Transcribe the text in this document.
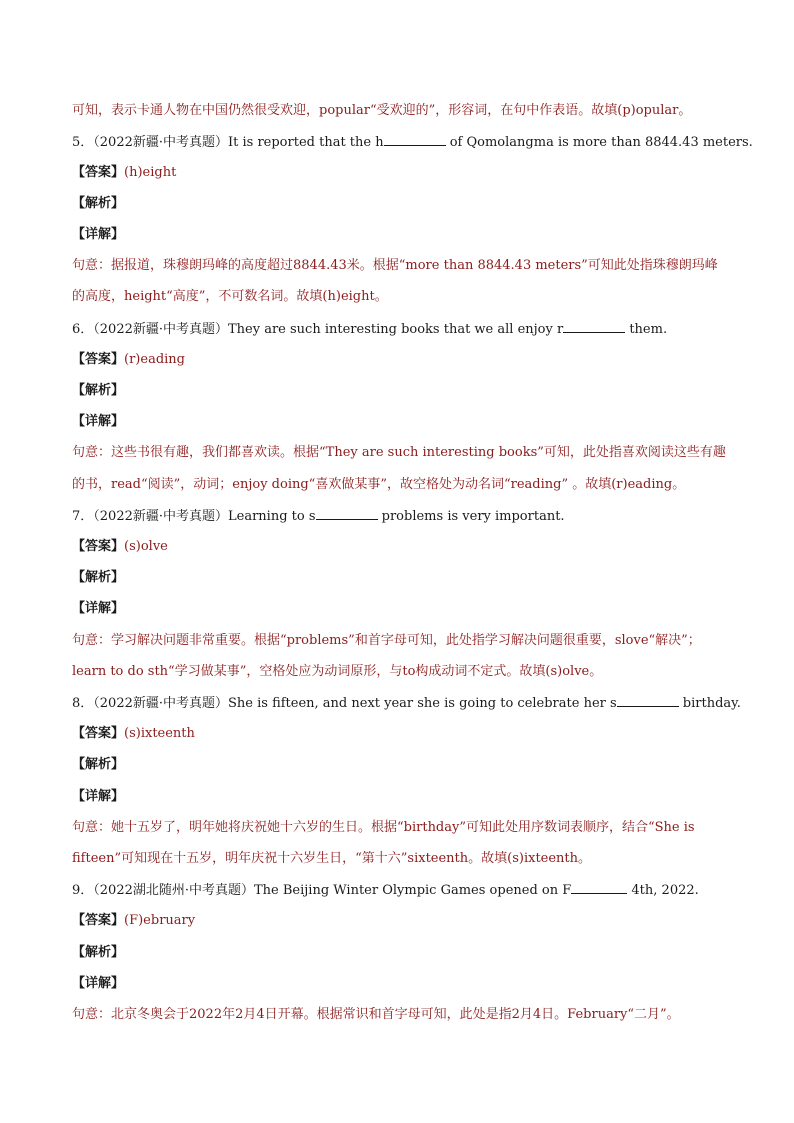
可知，表示卡通人物在中国仍然很受欢迎，popular“受欢迎的”，形容词，在句中作表语。故填(p)opular。
5．（2022新疆·中考真题）It is reported that the h	of Qomolangma is more than 8844.43 meters.
【答案】(h)eight
【解析】
【详解】
句意：据报道，珠穆朗玛峰的高度超过8844.43米。根据“more than 8844.43 meters”可知此处指珠穆朗玛峰
的高度，height“高度”，不可数名词。故填(h)eight。
6．（2022新疆·中考真题）They are such interesting books that we all enjoy r	them.
【答案】(r)eading
【解析】
【详解】
句意：这些书很有趣，我们都喜欢读。根据“They are such interesting books”可知，此处指喜欢阅读这些有趣
的书，read“阅读”，动词；enjoy doing“喜欢做某事”，故空格处为动名词“reading” 。故填(r)eading。
7．（2022新疆·中考真题）Learning to s	problems is very important.
【答案】(s)olve
【解析】
【详解】
句意：学习解决问题非常重要。根据“problems”和首字母可知，此处指学习解决问题很重要，slove“解决”；
learn to do sth“学习做某事”，空格处应为动词原形，与to构成动词不定式。故填(s)olve。
8．（2022新疆·中考真题）She is fifteen, and next year she is going to celebrate her s	birthday.
【答案】(s)ixteenth
【解析】
【详解】
句意：她十五岁了，明年她将庆祝她十六岁的生日。根据“birthday”可知此处用序数词表顺序，结合“She is
fifteen”可知现在十五岁，明年庆祝十六岁生日，“第十六”sixteenth。故填(s)ixteenth。
9．（2022湖北随州·中考真题）The Beijing Winter Olympic Games opened on F	4th, 2022.
【答案】(F)ebruary
【解析】
【详解】
句意：北京冬奥会于2022年2月4日开幕。根据常识和首字母可知，此处是指2月4日。February“二月”。
